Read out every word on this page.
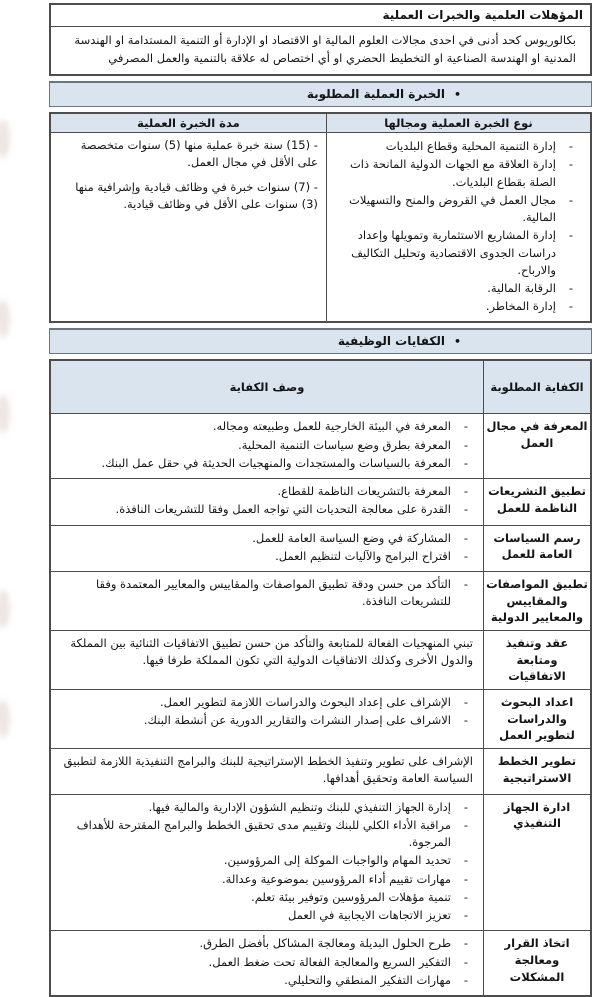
المؤهلات العلمية والخبرات العملية
بكالوريوس كحد أدنى في احدى مجالات العلوم المالية او الاقتصاد او الإدارة أو التنمية المستدامة او الهندسة المدنية او الهندسة الصناعية او التخطيط الحضري او أي اختصاص له علاقة بالتنمية والعمل المصرفي
•
الخبرة العملية المطلوبة
نوع الخبرة العملية ومجالها
مدة الخبرة العملية
- إدارة التنمية المحلية وقطاع البلديات
- إدارة العلاقة مع الجهات الدولية المانحة ذات الصلة بقطاع البلديات.
- مجال العمل في القروض والمنح والتسهيلات المالية.
- إدارة المشاريع الاستثمارية وتمويلها وإعداد دراسات الجدوى الاقتصادية وتحليل التكاليف والارباح.
- الرقابة المالية.
- إدارة المخاطر.
- (15) سنة خبرة عملية منها (5) سنوات متخصصة على الأقل في مجال العمل.
- (7) سنوات خبرة في وظائف قيادية وإشرافية منها (3) سنوات على الأقل في وظائف قيادية.
•
الكفايات الوظيفية
الكفاية المطلوبة
وصف الكفاية
المعرفة في مجال العمل
- المعرفة في البيئة الخارجية للعمل وطبيعته ومجاله.
- المعرفة بطرق وضع سياسات التنمية المحلية.
- المعرفة بالسياسات والمستجدات والمنهجيات الحديثة في حقل عمل البنك.
تطبيق التشريعات الناظمة للعمل
- المعرفة بالتشريعات الناظمة للقطاع.
- القدرة على معالجة التحديات التي تواجه العمل وفقا للتشريعات النافذة.
رسم السياسات العامة للعمل
- المشاركة في وضع السياسة العامة للعمل.
- اقتراح البرامج والآليات لتنظيم العمل.
تطبيق المواصفات والمقاييس والمعايير الدولية
- التأكد من حسن ودقة تطبيق المواصفات والمقاييس والمعايير المعتمدة وفقا للتشريعات النافذة.
عقد وتنفيذ ومتابعة الاتفاقيات
تبني المنهجيات الفعالة للمتابعة والتأكد من حسن تطبيق الاتفاقيات الثنائية بين المملكة والدول الأخرى وكذلك الاتفاقيات الدولية التي تكون المملكة طرفا فيها.
اعداد البحوث والدراسات لتطوير العمل
- الإشراف على إعداد البحوث والدراسات اللازمة لتطوير العمل.
- الاشراف على إصدار النشرات والتقارير الدورية عن أنشطة البنك.
تطوير الخطط الاستراتيجية
الإشراف على تطوير وتنفيذ الخطط الإستراتيجية للبنك والبرامج التنفيذية اللازمة لتطبيق السياسة العامة وتحقيق أهدافها.
ادارة الجهاز التنفيذي
- إدارة الجهاز التنفيذي للبنك وتنظيم الشؤون الإدارية والمالية فيها.
- مراقبة الأداء الكلي للبنك وتقييم مدى تحقيق الخطط والبرامج المقترحة للأهداف المرجوة.
- تحديد المهام والواجبات الموكلة إلى المرؤوسين.
- مهارات تقييم أداء المرؤوسين بموضوعية وعدالة.
- تنمية مؤهلات المرؤوسين وتوفير بيئة تعلم.
- تعزيز الاتجاهات الايجابية في العمل
اتخاذ القرار ومعالجة المشكلات
- طرح الحلول البديلة ومعالجة المشاكل بأفضل الطرق.
- التفكير السريع والمعالجة الفعالة تحت ضغط العمل.
- مهارات التفكير المنطقي والتحليلي.
